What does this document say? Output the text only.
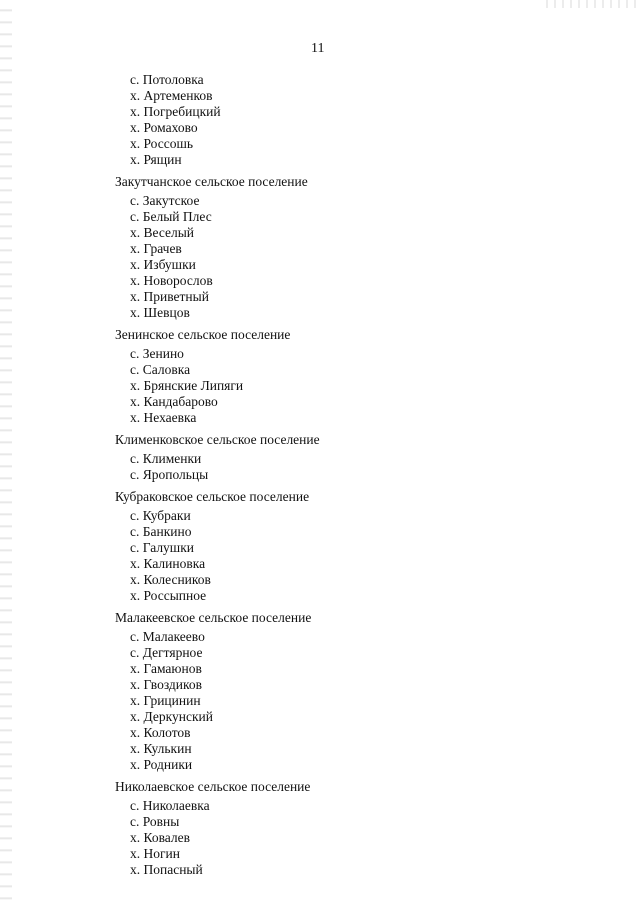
11
с. Потоловка
х. Артеменков
х. Погребицкий
х. Ромахово
х. Россошь
х. Рящин
Закутчанское сельское поселение
с. Закутское
с. Белый Плес
х. Веселый
х. Грачев
х. Избушки
х. Новорослов
х. Приветный
х. Шевцов
Зенинское сельское поселение
с. Зенино
с. Саловка
х. Брянские Липяги
х. Кандабарово
х. Нехаевка
Клименковское сельское поселение
с. Клименки
с. Яропольцы
Кубраковское сельское поселение
с. Кубраки
с. Банкино
с. Галушки
х. Калиновка
х. Колесников
х. Россыпное
Малакеевское сельское поселение
с. Малакеево
с. Дегтярное
х. Гамаюнов
х. Гвоздиков
х. Грицинин
х. Деркунский
х. Колотов
х. Кулькин
х. Родники
Николаевское сельское поселение
с. Николаевка
с. Ровны
х. Ковалев
х. Ногин
х. Попасный
